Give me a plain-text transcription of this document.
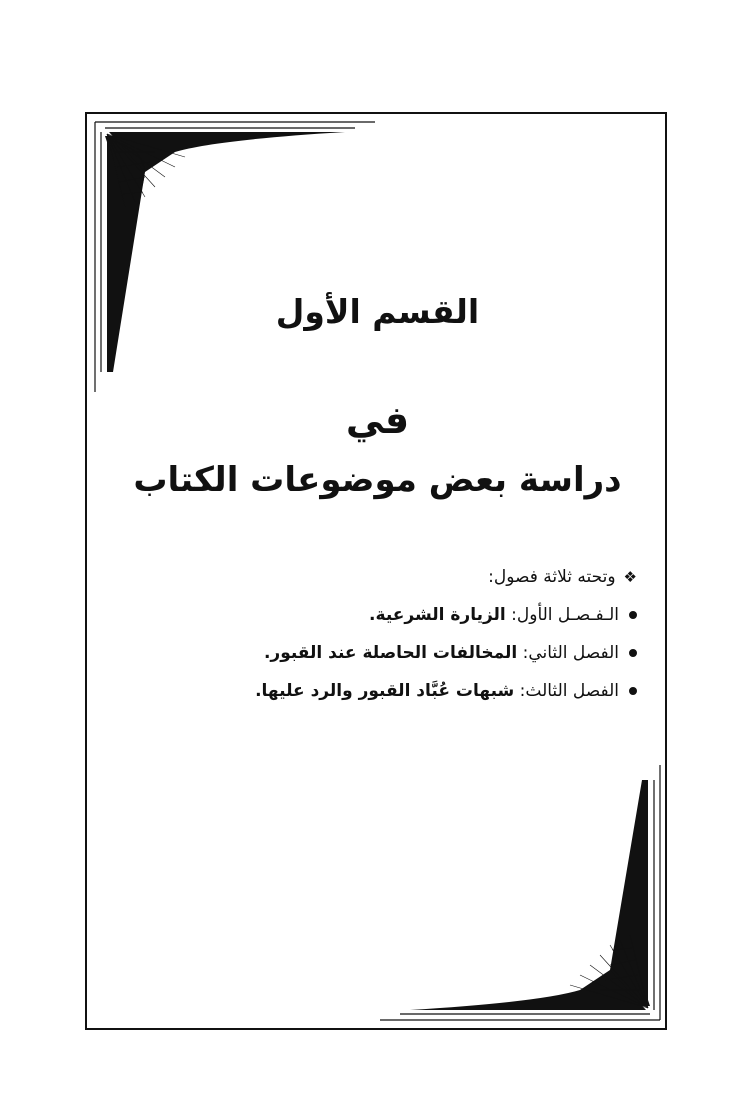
القسم الأول
في
دراسة بعض موضوعات الكتاب
❖وتحته ثلاثة فصول:
الـفـصـل الأول: الزيارة الشرعية.
الفصل الثاني: المخالفات الحاصلة عند القبور.
الفصل الثالث: شبهات عُبَّاد القبور والرد عليها.
